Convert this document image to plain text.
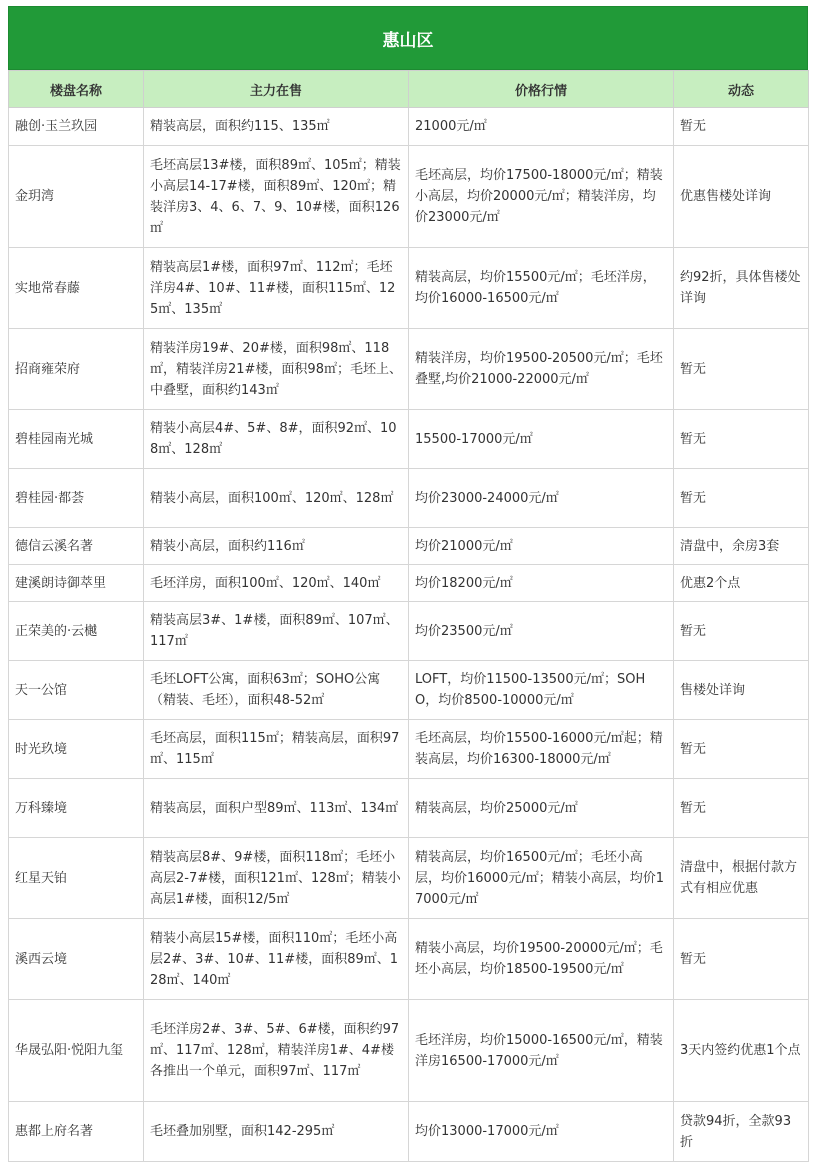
惠山区
楼盘名称	主力在售	价格行情	动态
融创·玉兰玖园	精装高层，面积约115、135㎡	21000元/㎡	暂无
金玥湾	毛坯高层13#楼，面积89㎡、105㎡；精装小高层14-17#楼，面积89㎡、120㎡；精装洋房3、4、6、7、9、10#楼，面积126㎡	毛坯高层，均价17500-18000元/㎡；精装小高层，均价20000元/㎡；精装洋房，均价23000元/㎡	优惠售楼处详询
实地常春藤	精装高层1#楼，面积97㎡、112㎡；毛坯洋房4#、10#、11#楼，面积115㎡、125㎡、135㎡	精装高层，均价15500元/㎡；毛坯洋房，均价16000-16500元/㎡	约92折，具体售楼处详询
招商雍荣府	精装洋房19#、20#楼，面积98㎡、118㎡，精装洋房21#楼，面积98㎡；毛坯上、中叠墅，面积约143㎡	精装洋房，均价19500-20500元/㎡；毛坯叠墅,均价21000-22000元/㎡	暂无
碧桂园南光城	精装小高层4#、5#、8#，面积92㎡、108㎡、128㎡	15500-17000元/㎡	暂无
碧桂园·都荟	精装小高层，面积100㎡、120㎡、128㎡	均价23000-24000元/㎡	暂无
德信云溪名著	精装小高层，面积约116㎡	均价21000元/㎡	清盘中，余房3套
建溪朗诗御萃里	毛坯洋房，面积100㎡、120㎡、140㎡	均价18200元/㎡	优惠2个点
正荣美的·云樾	精装高层3#、1#楼，面积89㎡、107㎡、117㎡	均价23500元/㎡	暂无
天一公馆	毛坯LOFT公寓，面积63㎡；SOHO公寓（精装、毛坯），面积48-52㎡	LOFT，均价11500-13500元/㎡；SOHO，均价8500-10000元/㎡	售楼处详询
时光玖境	毛坯高层，面积115㎡；精装高层，面积97㎡、115㎡	毛坯高层，均价15500-16000元/㎡起；精装高层，均价16300-18000元/㎡	暂无
万科臻境	精装高层，面积户型89㎡、113㎡、134㎡	精装高层，均价25000元/㎡	暂无
红星天铂	精装高层8#、9#楼，面积118㎡；毛坯小高层2-7#楼，面积121㎡、128㎡；精装小高层1#楼，面积12/5㎡	精装高层，均价16500元/㎡；毛坯小高层，均价16000元/㎡；精装小高层，均价17000元/㎡	清盘中，根据付款方式有相应优惠
溪西云境	精装小高层15#楼，面积110㎡；毛坯小高层2#、3#、10#、11#楼，面积89㎡、128㎡、140㎡	精装小高层，均价19500-20000元/㎡；毛坯小高层，均价18500-19500元/㎡	暂无
华晟弘阳·悦阳九玺	毛坯洋房2#、3#、5#、6#楼，面积约97㎡、117㎡、128㎡，精装洋房1#、4#楼各推出一个单元，面积97㎡、117㎡	毛坯洋房，均价15000-16500元/㎡，精装洋房16500-17000元/㎡	3天内签约优惠1个点
惠都上府名著	毛坯叠加别墅，面积142-295㎡	均价13000-17000元/㎡	贷款94折，全款93折
